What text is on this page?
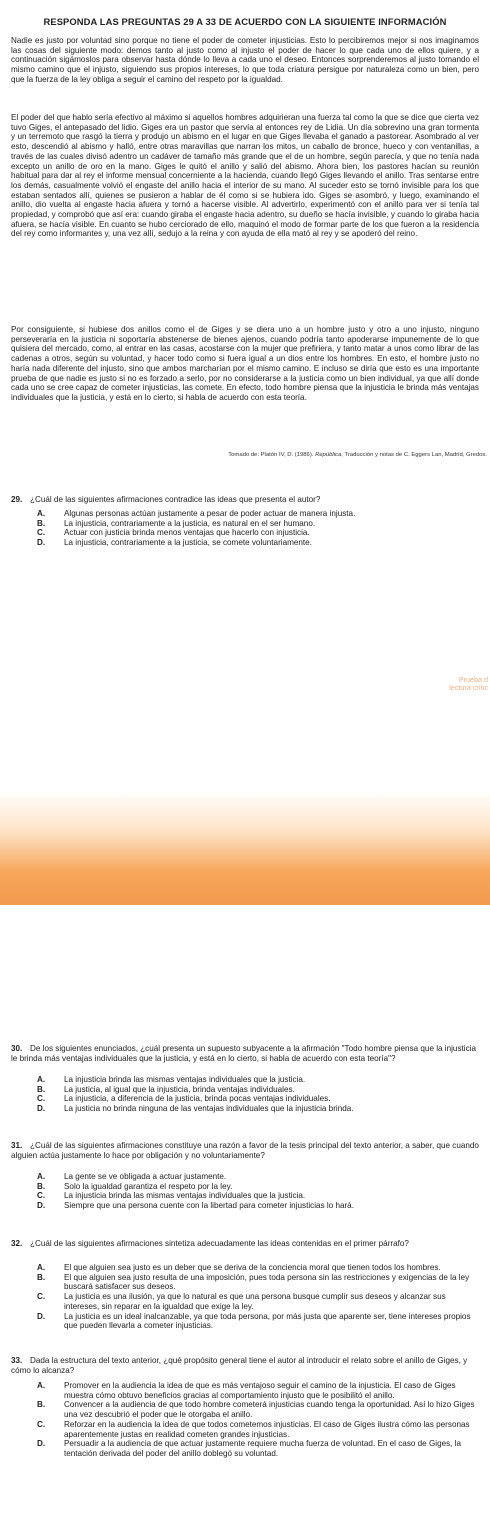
RESPONDA LAS PREGUNTAS 29 A 33 DE ACUERDO CON LA SIGUIENTE INFORMACIÓN
Nadie es justo por voluntad sino porque no tiene el poder de cometer injusticias. Esto lo percibiremos mejor si nos imaginamos las cosas del siguiente modo: demos tanto al justo como al injusto el poder de hacer lo que cada uno de ellos quiere, y a continuación sigámoslos para observar hasta dónde lo lleva a cada uno el deseo. Entonces sorprenderemos al justo tomando el mismo camino que el injusto, siguiendo sus propios intereses, lo que toda criatura persigue por naturaleza como un bien, pero que la fuerza de la ley obliga a seguir el camino del respeto por la igualdad.
El poder del que hablo sería efectivo al máximo si aquellos hombres adquirieran una fuerza tal como la que se dice que cierta vez tuvo Giges, el antepasado del lidio. Giges era un pastor que servía al entonces rey de Lidia. Un día sobrevino una gran tormenta y un terremoto que rasgó la tierra y produjo un abismo en el lugar en que Giges llevaba el ganado a pastorear. Asombrado al ver esto, descendió al abismo y halló, entre otras maravillas que narran los mitos, un caballo de bronce, hueco y con ventanillas, a través de las cuales divisó adentro un cadáver de tamaño más grande que el de un hombre, según parecía, y que no tenía nada excepto un anillo de oro en la mano. Giges le quitó el anillo y salió del abismo. Ahora bien, los pastores hacían su reunión habitual para dar al rey el informe mensual concerniente a la hacienda, cuando llegó Giges llevando el anillo. Tras sentarse entre los demás, casualmente volvió el engaste del anillo hacia el interior de su mano. Al suceder esto se tornó invisible para los que estaban sentados allí, quienes se pusieron a hablar de él como si se hubiera ido. Giges se asombró, y luego, examinando el anillo, dio vuelta al engaste hacia afuera y tornó a hacerse visible. Al advertirlo, experimentó con el anillo para ver si tenía tal propiedad, y comprobó que así era: cuando giraba el engaste hacia adentro, su dueño se hacía invisible, y cuando lo giraba hacia afuera, se hacía visible. En cuanto se hubo cerciorado de ello, maquinó el modo de formar parte de los que fueron a la residencia del rey como informantes y, una vez allí, sedujo a la reina y con ayuda de ella mató al rey y se apoderó del reino.
Por consiguiente, si hubiese dos anillos como el de Giges y se diera uno a un hombre justo y otro a uno injusto, ninguno perseveraría en la justicia ni soportaría abstenerse de bienes ajenos, cuando podría tanto apoderarse impunemente de lo que quisiera del mercado, como, al entrar en las casas, acostarse con la mujer que prefiriera, y tanto matar a unos como librar de las cadenas a otros, según su voluntad, y hacer todo como si fuera igual a un dios entre los hombres. En esto, el hombre justo no haría nada diferente del injusto, sino que ambos marcharían por el mismo camino. E incluso se diría que esto es una importante prueba de que nadie es justo si no es forzado a serlo, por no considerarse a la justicia como un bien individual, ya que allí donde cada uno se cree capaz de cometer injusticias, las comete. En efecto, todo hombre piensa que la injusticia le brinda más ventajas individuales que la justicia, y está en lo cierto, si habla de acuerdo con esta teoría.
Tomado de: Platón IV, D. (1986). República, Traducción y notas de C. Eggers Lan, Madrid, Gredos.
29. ¿Cuál de las siguientes afirmaciones contradice las ideas que presenta el autor?
A.	Algunas personas actúan justamente a pesar de poder actuar de manera injusta.
B.	La injusticia, contrariamente a la justicia, es natural en el ser humano.
C.	Actuar con justicia brinda menos ventajas que hacerlo con injusticia.
D.	La injusticia, contrariamente a la justicia, se comete voluntariamente.
Prueba d
lectura crític
30. De los siguientes enunciados, ¿cuál presenta un supuesto subyacente a la afirmación "Todo hombre piensa que la injusticia le brinda más ventajas individuales que la justicia, y está en lo cierto, si habla de acuerdo con esta teoría"?
A.	La injusticia brinda las mismas ventajas individuales que la justicia.
B.	La justicia, al igual que la injusticia, brinda ventajas individuales.
C.	La injusticia, a diferencia de la justicia, brinda pocas ventajas individuales.
D.	La justicia no brinda ninguna de las ventajas individuales que la injusticia brinda.
31. ¿Cuál de las siguientes afirmaciones constituye una razón a favor de la tesis principal del texto anterior, a saber, que cuando alguien actúa justamente lo hace por obligación y no voluntariamente?
A.	La gente se ve obligada a actuar justamente.
B.	Solo la igualdad garantiza el respeto por la ley.
C.	La injusticia brinda las mismas ventajas individuales que la justicia.
D.	Siempre que una persona cuente con la libertad para cometer injusticias lo hará.
32. ¿Cuál de las siguientes afirmaciones sintetiza adecuadamente las ideas contenidas en el primer párrafo?
A.	El que alguien sea justo es un deber que se deriva de la conciencia moral que tienen todos los hombres.
B.	El que alguien sea justo resulta de una imposición, pues toda persona sin las restricciones y exigencias de la ley buscará satisfacer sus deseos.
C.	La justicia es una ilusión, ya que lo natural es que una persona busque cumplir sus deseos y alcanzar sus intereses, sin reparar en la igualdad que exige la ley.
D.	La justicia es un ideal inalcanzable, ya que toda persona, por más justa que aparente ser, tiene intereses propios que pueden llevarla a cometer injusticias.
33. Dada la estructura del texto anterior, ¿qué propósito general tiene el autor al introducir el relato sobre el anillo de Giges, y cómo lo alcanza?
A.	Promover en la audiencia la idea de que es más ventajoso seguir el camino de la injusticia. El caso de Giges muestra cómo obtuvo beneficios gracias al comportamiento injusto que le posibilitó el anillo.
B.	Convencer a la audiencia de que todo hombre cometerá injusticias cuando tenga la oportunidad. Así lo hizo Giges una vez descubrió el poder que le otorgaba el anillo.
C.	Reforzar en la audiencia la idea de que todos cometemos injusticias. El caso de Giges ilustra cómo las personas aparentemente justas en realidad cometen grandes injusticias.
D.	Persuadir a la audiencia de que actuar justamente requiere mucha fuerza de voluntad. En el caso de Giges, la tentación derivada del poder del anillo doblegó su voluntad.
